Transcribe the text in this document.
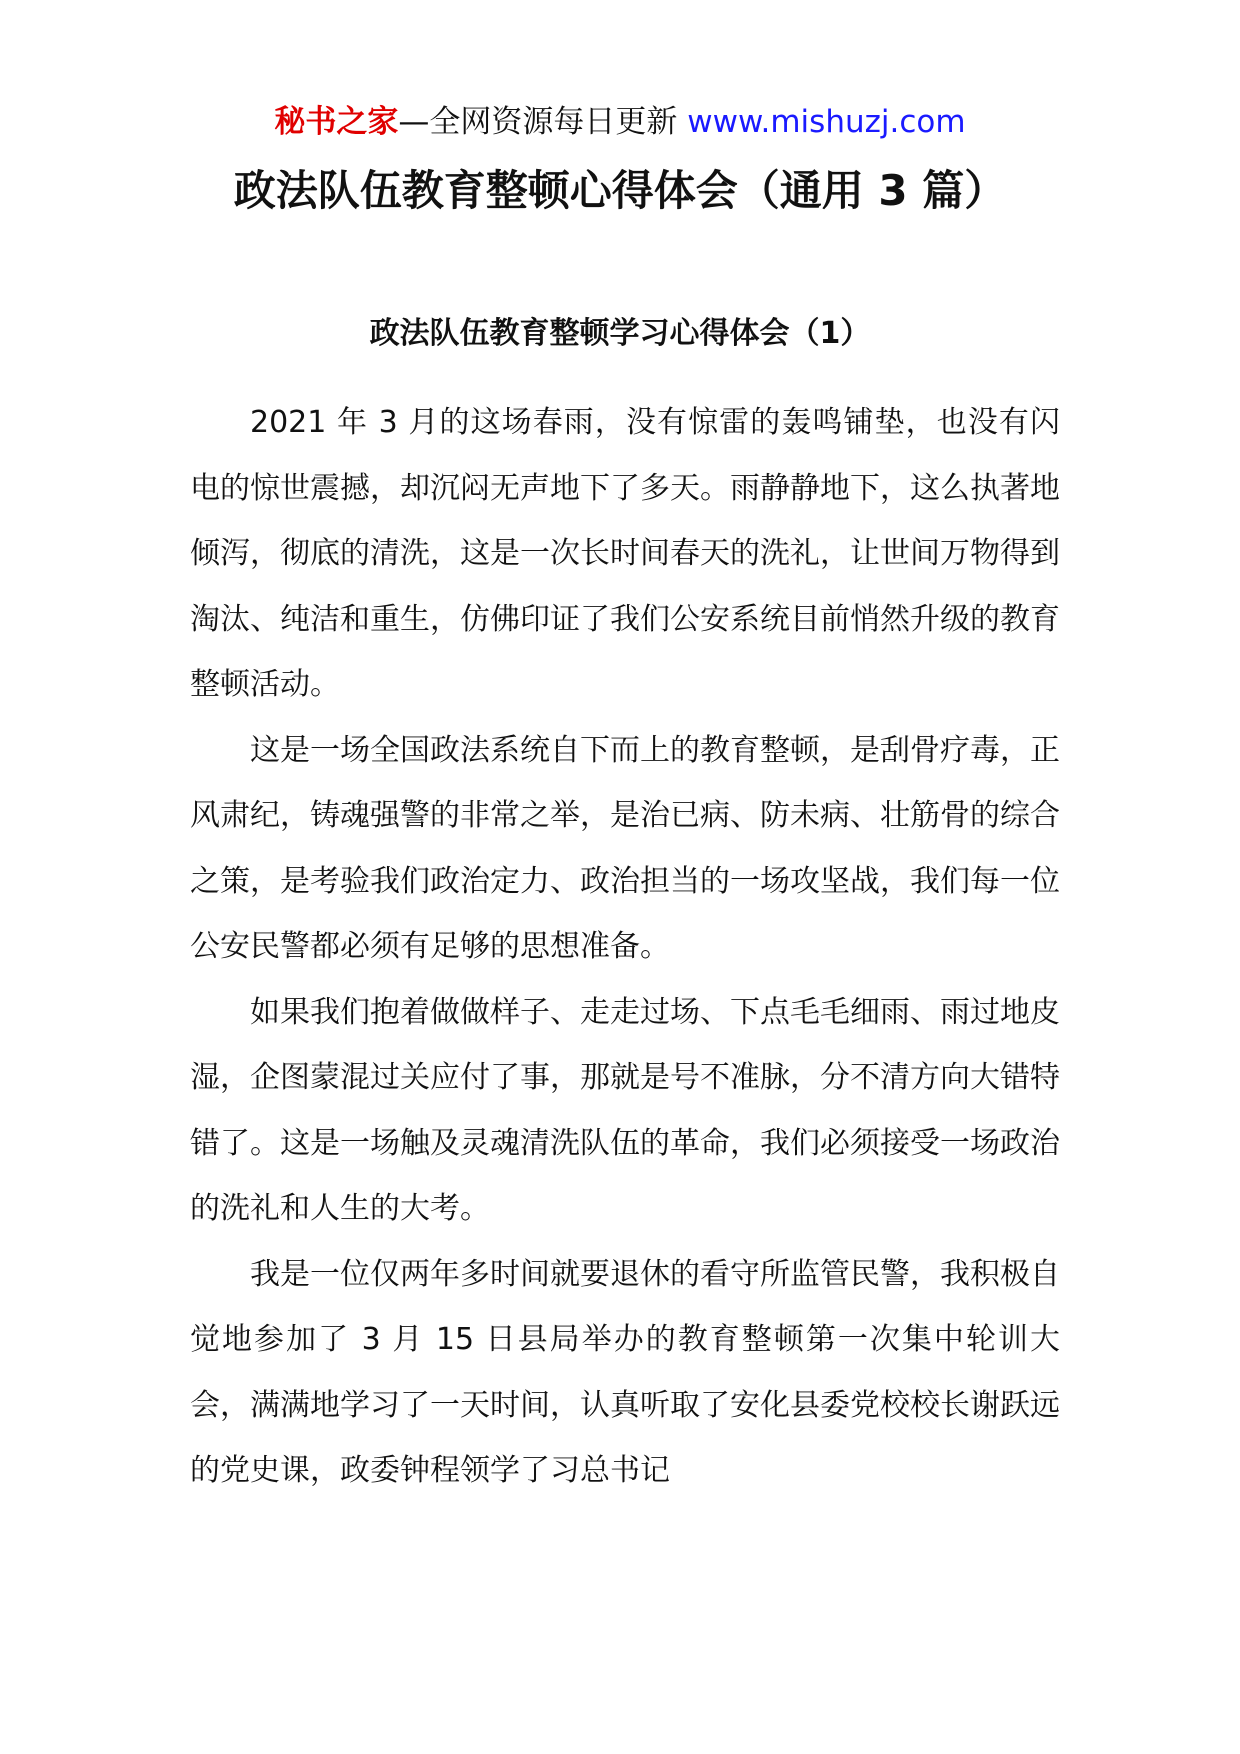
秘书之家—全网资源每日更新 www.mishuzj.com
政法队伍教育整顿心得体会（通用 3 篇）
政法队伍教育整顿学习心得体会（1）

2021 年 3 月的这场春雨，没有惊雷的轰鸣铺垫，也没有闪电的惊世震撼，却沉闷无声地下了多天。雨静静地下，这么执著地倾泻，彻底的清洗，这是一次长时间春天的洗礼，让世间万物得到淘汰、纯洁和重生，仿佛印证了我们公安系统目前悄然升级的教育整顿活动。

这是一场全国政法系统自下而上的教育整顿，是刮骨疗毒，正风肃纪，铸魂强警的非常之举，是治已病、防未病、壮筋骨的综合之策，是考验我们政治定力、政治担当的一场攻坚战，我们每一位公安民警都必须有足够的思想准备。

如果我们抱着做做样子、走走过场、下点毛毛细雨、雨过地皮湿，企图蒙混过关应付了事，那就是号不准脉，分不清方向大错特错了。这是一场触及灵魂清洗队伍的革命，我们必须接受一场政治的洗礼和人生的大考。

我是一位仅两年多时间就要退休的看守所监管民警，我积极自觉地参加了 3 月 15 日县局举办的教育整顿第一次集中轮训大会，满满地学习了一天时间，认真听取了安化县委党校校长谢跃远的党史课，政委钟程领学了习总书记
